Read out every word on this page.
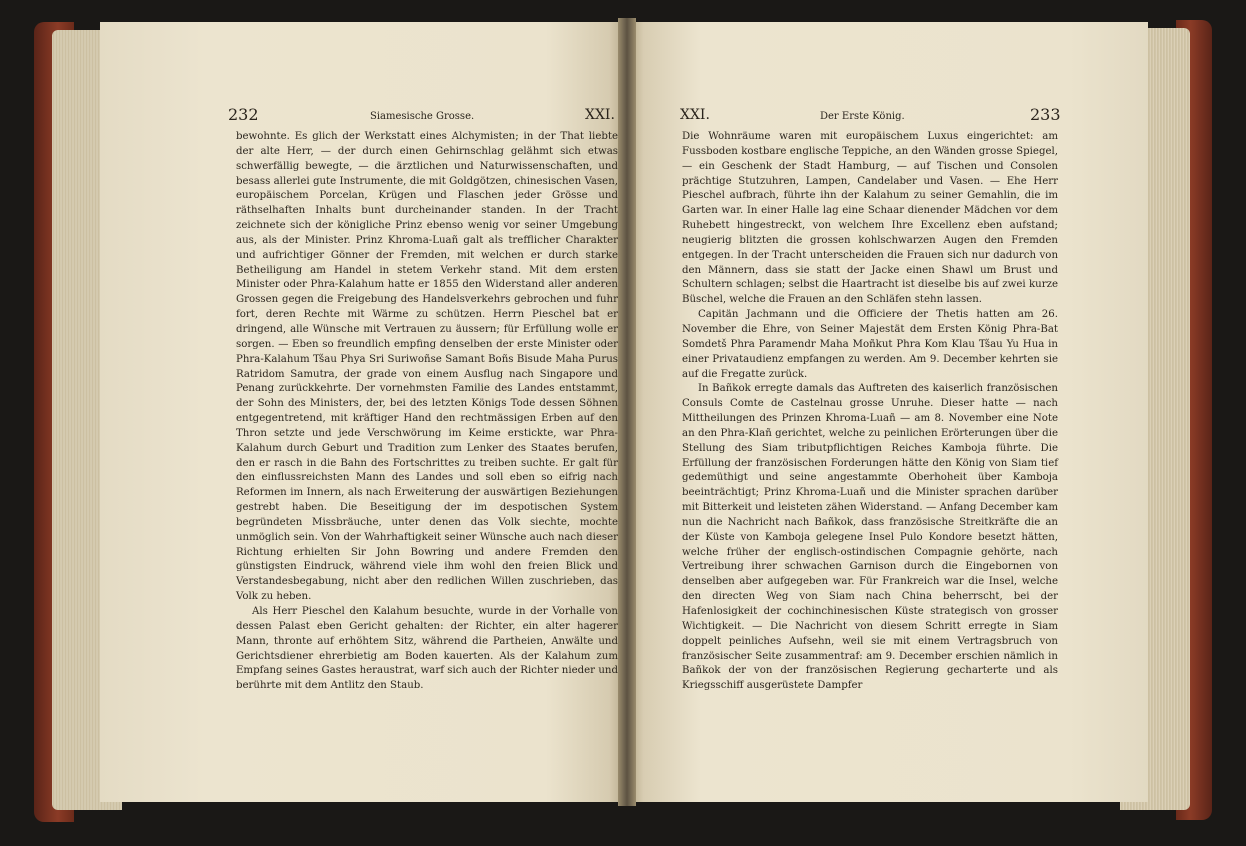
232	Siamesische Grosse.	XXI.

bewohnte. Es glich der Werkstatt eines Alchymisten; in der That liebte der alte Herr, — der durch einen Gehirnschlag gelähmt sich etwas schwerfällig bewegte, — die ärztlichen und Naturwissenschaften, und besass allerlei gute Instrumente, die mit Goldgötzen, chinesischen Vasen, europäischem Porcelan, Krügen und Flaschen jeder Grösse und räthselhaften Inhalts bunt durcheinander standen. In der Tracht zeichnete sich der königliche Prinz ebenso wenig vor seiner Umgebung aus, als der Minister. Prinz Khroma-Luañ galt als trefflicher Charakter und aufrichtiger Gönner der Fremden, mit welchen er durch starke Betheiligung am Handel in stetem Verkehr stand. Mit dem ersten Minister oder Phra-Kalahum hatte er 1855 den Widerstand aller anderen Grossen gegen die Freigebung des Handelsverkehrs gebrochen und fuhr fort, deren Rechte mit Wärme zu schützen. Herrn Pieschel bat er dringend, alle Wünsche mit Vertrauen zu äussern; für Erfüllung wolle er sorgen. — Eben so freundlich empfing denselben der erste Minister oder Phra-Kalahum Tšau Phya Sri Suriwoñse Samant Boñs Bisude Maha Purus Ratridom Samutra, der grade von einem Ausflug nach Singapore und Penang zurückkehrte. Der vornehmsten Familie des Landes entstammt, der Sohn des Ministers, der, bei des letzten Königs Tode dessen Söhnen entgegentretend, mit kräftiger Hand den rechtmässigen Erben auf den Thron setzte und jede Verschwörung im Keime erstickte, war Phra-Kalahum durch Geburt und Tradition zum Lenker des Staates berufen, den er rasch in die Bahn des Fortschrittes zu treiben suchte. Er galt für den einflussreichsten Mann des Landes und soll eben so eifrig nach Reformen im Innern, als nach Erweiterung der auswärtigen Beziehungen gestrebt haben. Die Beseitigung der im despotischen System begründeten Missbräuche, unter denen das Volk siechte, mochte unmöglich sein. Von der Wahrhaftigkeit seiner Wünsche auch nach dieser Richtung erhielten Sir John Bowring und andere Fremden den günstigsten Eindruck, während viele ihm wohl den freien Blick und Verstandesbegabung, nicht aber den redlichen Willen zuschrieben, das Volk zu heben.

Als Herr Pieschel den Kalahum besuchte, wurde in der Vorhalle von dessen Palast eben Gericht gehalten: der Richter, ein alter hagerer Mann, thronte auf erhöhtem Sitz, während die Partheien, Anwälte und Gerichtsdiener ehrerbietig am Boden kauerten. Als der Kalahum zum Empfang seines Gastes heraustrat, warf sich auch der Richter nieder und berührte mit dem Antlitz den Staub.

XXI.	Der Erste König.	233

Die Wohnräume waren mit europäischem Luxus eingerichtet: am Fussboden kostbare englische Teppiche, an den Wänden grosse Spiegel, — ein Geschenk der Stadt Hamburg, — auf Tischen und Consolen prächtige Stutzuhren, Lampen, Candelaber und Vasen. — Ehe Herr Pieschel aufbrach, führte ihn der Kalahum zu seiner Gemahlin, die im Garten war. In einer Halle lag eine Schaar dienender Mädchen vor dem Ruhebett hingestreckt, von welchem Ihre Excellenz eben aufstand; neugierig blitzten die grossen kohlschwarzen Augen den Fremden entgegen. In der Tracht unterscheiden die Frauen sich nur dadurch von den Männern, dass sie statt der Jacke einen Shawl um Brust und Schultern schlagen; selbst die Haartracht ist dieselbe bis auf zwei kurze Büschel, welche die Frauen an den Schläfen stehn lassen.

Capitän Jachmann und die Officiere der Thetis hatten am 26. November die Ehre, von Seiner Majestät dem Ersten König Phra-Bat Somdetš Phra Paramendr Maha Moñkut Phra Kom Klau Tšau Yu Hua in einer Privataudienz empfangen zu werden. Am 9. December kehrten sie auf die Fregatte zurück.

In Bañkok erregte damals das Auftreten des kaiserlich französischen Consuls Comte de Castelnau grosse Unruhe. Dieser hatte — nach Mittheilungen des Prinzen Khroma-Luañ — am 8. November eine Note an den Phra-Klañ gerichtet, welche zu peinlichen Erörterungen über die Stellung des Siam tributpflichtigen Reiches Kamboja führte. Die Erfüllung der französischen Forderungen hätte den König von Siam tief gedemüthigt und seine angestammte Oberhoheit über Kamboja beeinträchtigt; Prinz Khroma-Luañ und die Minister sprachen darüber mit Bitterkeit und leisteten zähen Widerstand. — Anfang December kam nun die Nachricht nach Bañkok, dass französische Streitkräfte die an der Küste von Kamboja gelegene Insel Pulo Kondore besetzt hätten, welche früher der englisch-ostindischen Compagnie gehörte, nach Vertreibung ihrer schwachen Garnison durch die Eingebornen von denselben aber aufgegeben war. Für Frankreich war die Insel, welche den directen Weg von Siam nach China beherrscht, bei der Hafenlosigkeit der cochinchinesischen Küste strategisch von grosser Wichtigkeit. — Die Nachricht von diesem Schritt erregte in Siam doppelt peinliches Aufsehn, weil sie mit einem Vertragsbruch von französischer Seite zusammentraf: am 9. December erschien nämlich in Bañkok der von der französischen Regierung gecharterte und als Kriegsschiff ausgerüstete Dampfer
